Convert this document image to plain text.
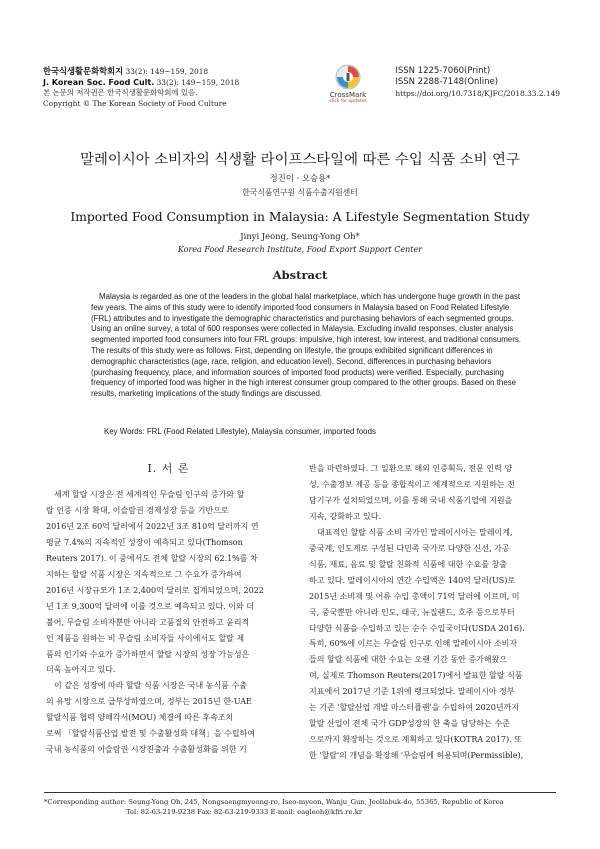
한국식생활문화학회지 33(2): 149~159, 2018
J. Korean Soc. Food Cult. 33(2): 149~159, 2018
본 논문의 저작권은 한국식생활문화학회에 있음.
Copyright © The Korean Society of Food Culture
CrossMark
click for updates
ISSN 1225-7060(Print)
ISSN 2288-7148(Online)
https://doi.org/10.7318/KJFC/2018.33.2.149
말레이시아 소비자의 식생활 라이프스타일에 따른 수입 식품 소비 연구
정진이 · 오승용*
한국식품연구원 식품수출지원센터
Imported Food Consumption in Malaysia: A Lifestyle Segmentation Study
Jinyi Jeong, Seung-Yong Oh*
Korea Food Research Institute, Food Export Support Center
Abstract
Malaysia is regarded as one of the leaders in the global halal marketplace, which has undergone huge growth in the past
few years. The aims of this study were to identify imported food consumers in Malaysia based on Food Related Lifestyle
(FRL) attributes and to investigate the demographic characteristics and purchasing behaviors of each segmented groups.
Using an online survey, a total of 600 responses were collected in Malaysia. Excluding invalid responses, cluster analysis
segmented imported food consumers into four FRL groups: impulsive, high interest, low interest, and traditional consumers.
The results of this study were as follows. First, depending on lifestyle, the groups exhibited significant differences in
demographic characteristics (age, race, religion, and education level). Second, differences in purchasing behaviors
(purchasing frequency, place, and information sources of imported food products) were verified. Especially, purchasing
frequency of imported food was higher in the high interest consumer group compared to the other groups. Based on these
results, marketing implications of the study findings are discussed.
Key Words: FRL (Food Related Lifestyle), Malaysia consumer, imported foods
Ⅰ. 서 론
세계 할랄 시장은 전 세계적인 무슬림 인구의 증가와 할
랄 인증 시장 확대, 이슬람권 경제성장 등을 기반으로
2016년 2조 60억 달러에서 2022년 3조 810억 달러까지 연
평균 7.4%의 지속적인 성장이 예측되고 있다(Thomson
Reuters 2017). 이 중에서도 전체 할랄 시장의 62.1%를 차
지하는 할랄 식품 시장은 지속적으로 그 수요가 증가하여
2016년 시장규모가 1조 2,400억 달러로 집계되었으며, 2022
년 1조 9,300억 달러에 이를 것으로 예측되고 있다. 이와 더
불어, 무슬림 소비자뿐만 아니라 고품질의 안전하고 윤리적
인 제품을 원하는 비 무슬림 소비자들 사이에서도 할랄 제
품의 인기와 수요가 증가하면서 할랄 시장의 성장 가능성은
더욱 높아지고 있다.
이 같은 성장에 따라 할랄 식품 시장은 국내 농식품 수출
의 유망 시장으로 급부상하였으며, 정부는 2015년 한-UAE
할랄식품 협력 양해각서(MOU) 체결에 따른 후속조치
로써 「할랄식품산업 발전 및 수출활성화 대책」을 수립하여
국내 농식품의 이슬람권 시장진출과 수출활성화를 위한 기
반을 마련하였다. 그 일환으로 해외 인증획득, 전문 인력 양
성, 수출정보 제공 등을 종합적이고 체계적으로 지원하는 전
담기구가 설치되었으며, 이를 통해 국내 식품기업에 지원을
지속, 강화하고 있다.
대표적인 할랄 식품 소비 국가인 말레이시아는 말레이계,
중국계, 인도계로 구성된 다민족 국가로 다양한 신선, 가공
식품, 재료, 음료 및 할랄 친화적 식품에 대한 수요를 창출
하고 있다. 말레이시아의 연간 수입액은 140억 달러(US)로
2015년 소비재 및 어류 수입 총액이 71억 달러에 이르며, 미
국, 중국뿐만 아니라 인도, 태국, 뉴질랜드, 호주 등으로부터
다양한 식품을 수입하고 있는 순수 수입국이다(USDA 2016).
특히, 60%에 이르는 무슬림 인구로 인해 말레이시아 소비자
들의 할랄 식품에 대한 수요는 오랜 기간 동안 증가해왔으
며, 실제로 Thomson Reuters(2017)에서 발표한 할랄 식품
지표에서 2017년 기준 1위에 랭크되었다. 말레이시아 정부
는 기존 '할랄산업 개발 마스터플랜'을 수립하여 2020년까지
할랄 산업이 전체 국가 GDP성장의 한 축을 담당하는 수준
으로까지 확장하는 것으로 계획하고 있다(KOTRA 2017). 또
한 '할랄'의 개념을 확장해 '무슬림에 허용되며(Permissible),
*Corresponding author: Seung-Yong Oh, 245, Nongsaengmyeong-ro, Iseo-myeon, Wanju_Gun, Jeollabuk-do, 55365, Republic of Korea
Tel: 82-63-219-9238 Fax: 82-63-219-9333 E-mail: eagleoh@kfri.re.kr
